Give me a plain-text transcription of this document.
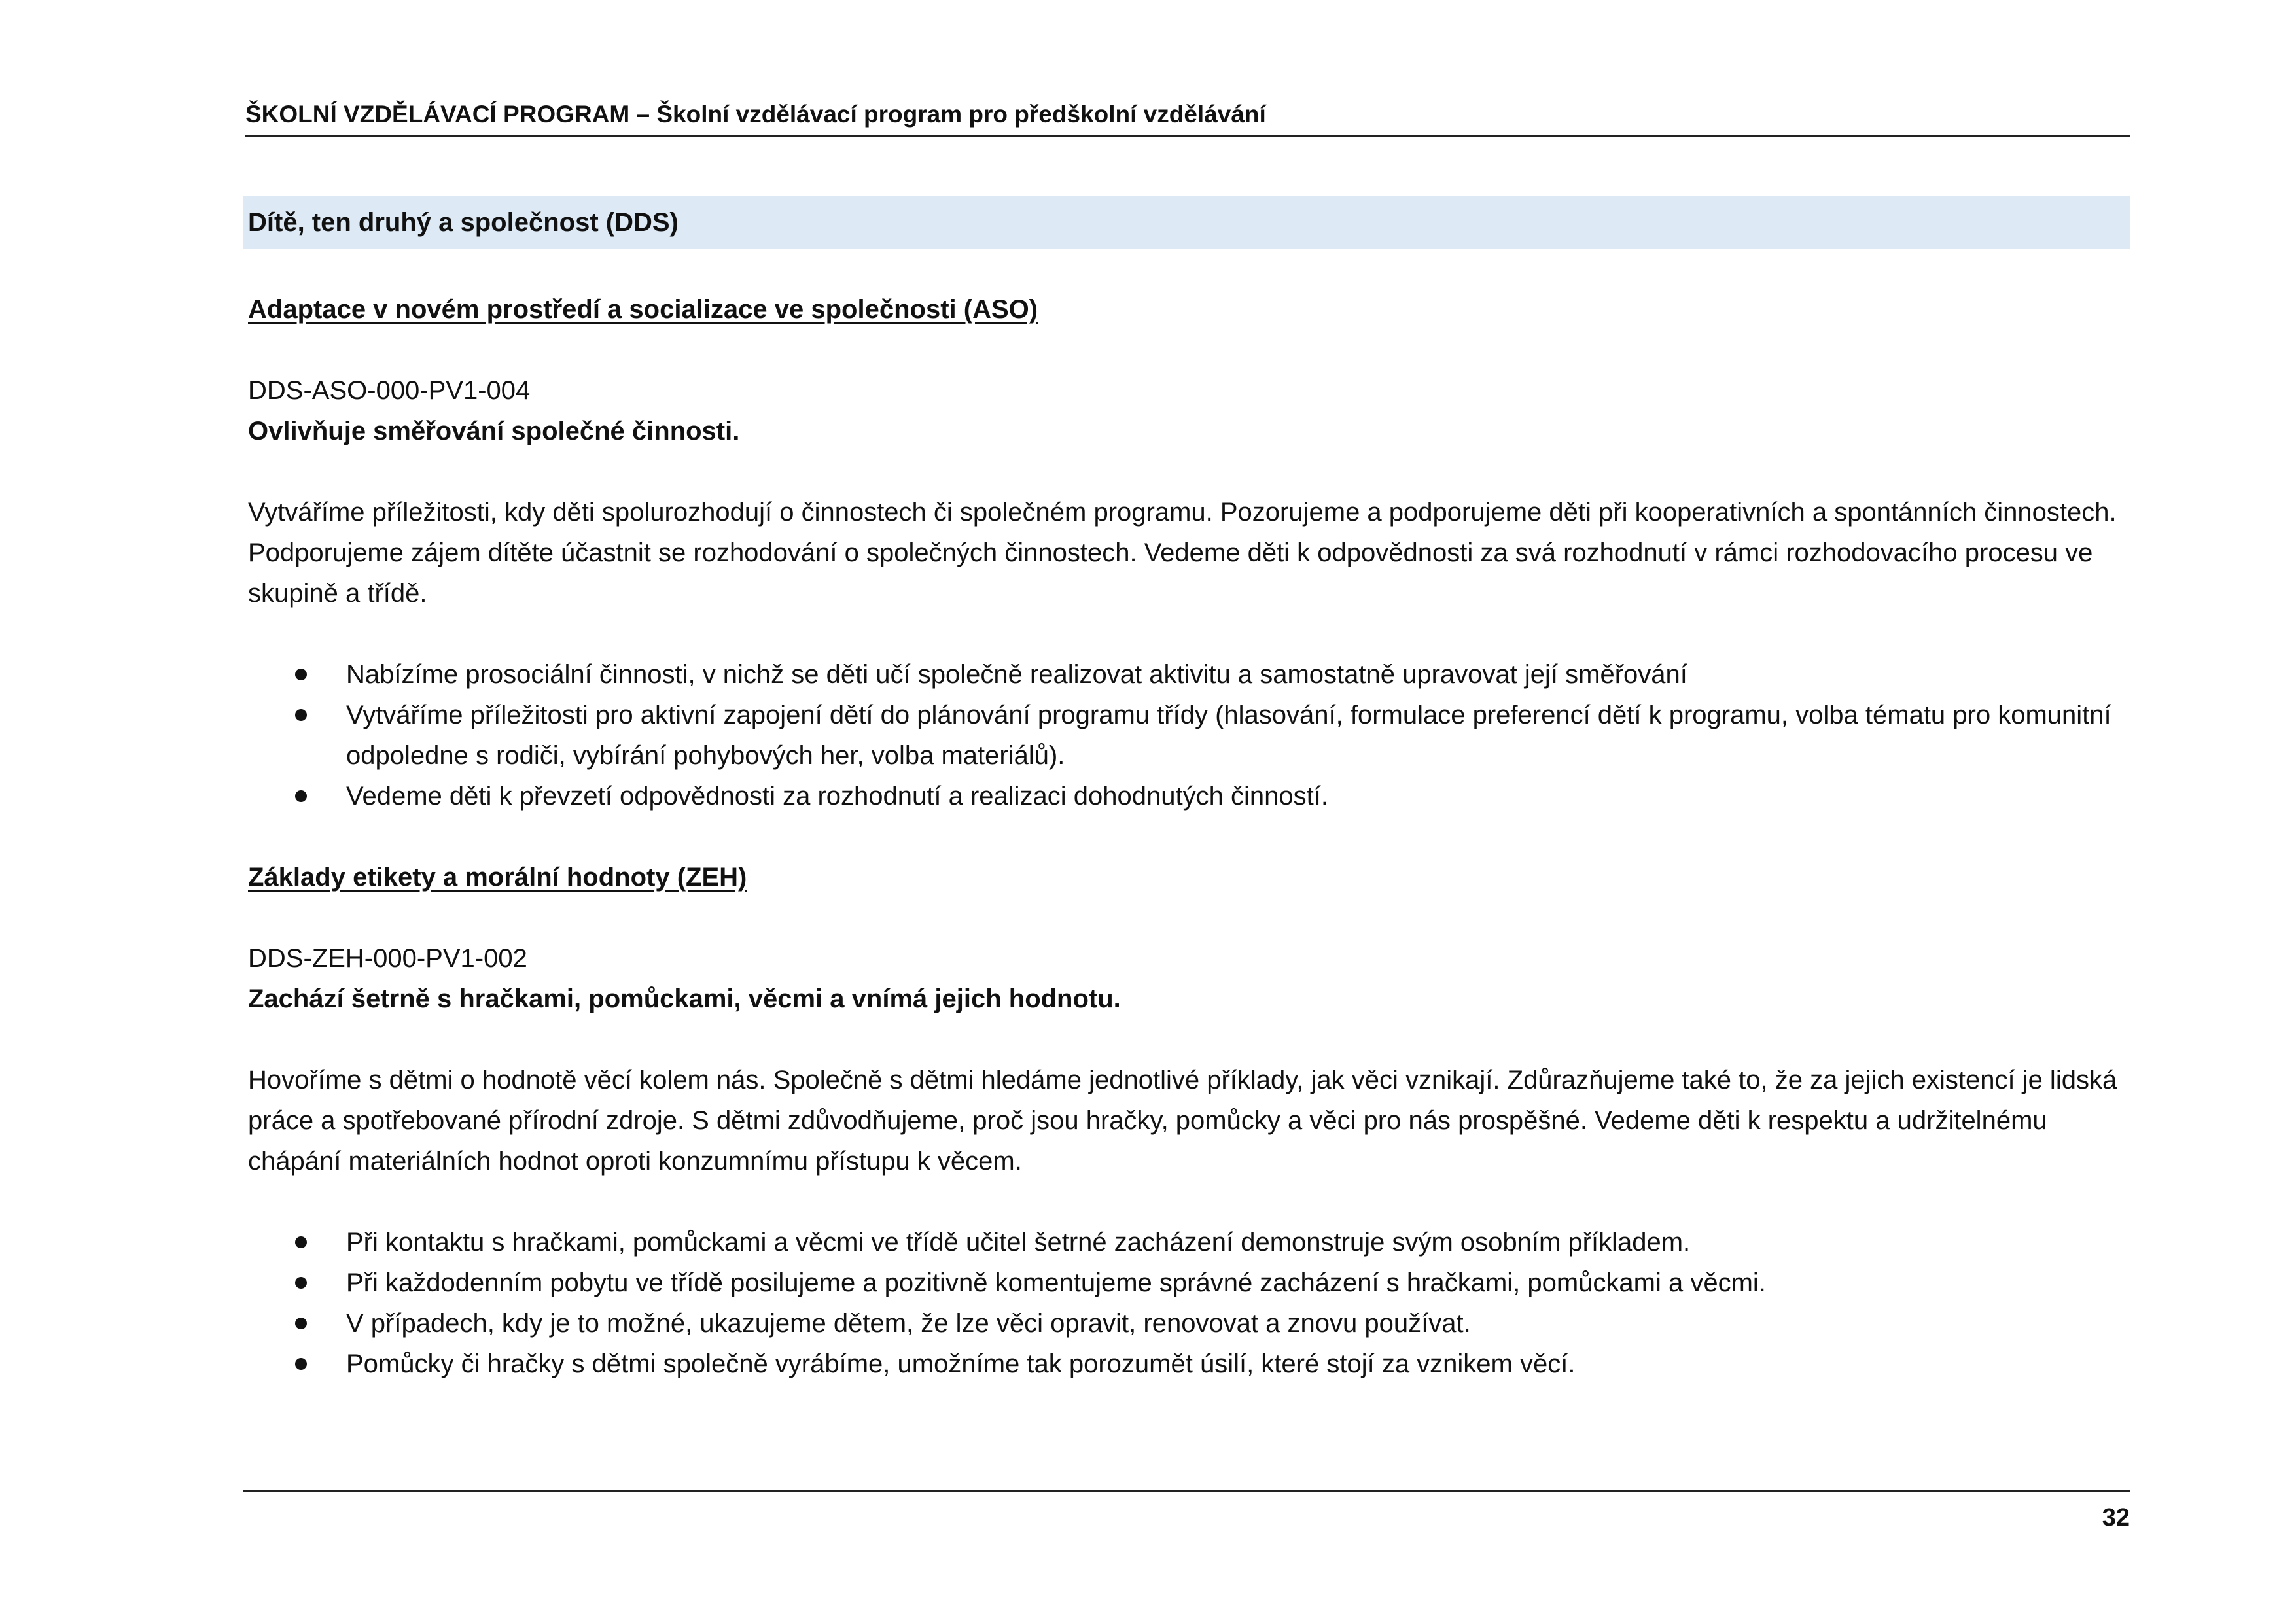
ŠKOLNÍ VZDĚLÁVACÍ PROGRAM – Školní vzdělávací program pro předškolní vzdělávání
Dítě, ten druhý a společnost (DDS)

Adaptace v novém prostředí a socializace ve společnosti (ASO)

DDS-ASO-000-PV1-004

Ovlivňuje směřování společné činnosti.

Vytváříme příležitosti, kdy děti spolurozhodují o činnostech či společném programu. Pozorujeme a podporujeme děti při kooperativních a spontánních činnostech. Podporujeme zájem dítěte účastnit se rozhodování o společných činnostech. Vedeme děti k odpovědnosti za svá rozhodnutí v rámci rozhodovacího procesu ve skupině a třídě.

Nabízíme prosociální činnosti, v nichž se děti učí společně realizovat aktivitu a samostatně upravovat její směřování
Vytváříme příležitosti pro aktivní zapojení dětí do plánování programu třídy (hlasování, formulace preferencí dětí k programu, volba tématu pro komunitní odpoledne s rodiči, vybírání pohybových her, volba materiálů).
Vedeme děti k převzetí odpovědnosti za rozhodnutí a realizaci dohodnutých činností.

Základy etikety a morální hodnoty (ZEH)

DDS-ZEH-000-PV1-002

Zachází šetrně s hračkami, pomůckami, věcmi a vnímá jejich hodnotu.

Hovoříme s dětmi o hodnotě věcí kolem nás. Společně s dětmi hledáme jednotlivé příklady, jak věci vznikají. Zdůrazňujeme také to, že za jejich existencí je lidská práce a spotřebované přírodní zdroje. S dětmi zdůvodňujeme, proč jsou hračky, pomůcky a věci pro nás prospěšné. Vedeme děti k respektu a udržitelnému chápání materiálních hodnot oproti konzumnímu přístupu k věcem.

Při kontaktu s hračkami, pomůckami a věcmi ve třídě učitel šetrné zacházení demonstruje svým osobním příkladem.
Při každodenním pobytu ve třídě posilujeme a pozitivně komentujeme správné zacházení s hračkami, pomůckami a věcmi.
V případech, kdy je to možné, ukazujeme dětem, že lze věci opravit, renovovat a znovu používat.
Pomůcky či hračky s dětmi společně vyrábíme, umožníme tak porozumět úsilí, které stojí za vznikem věcí.
32
